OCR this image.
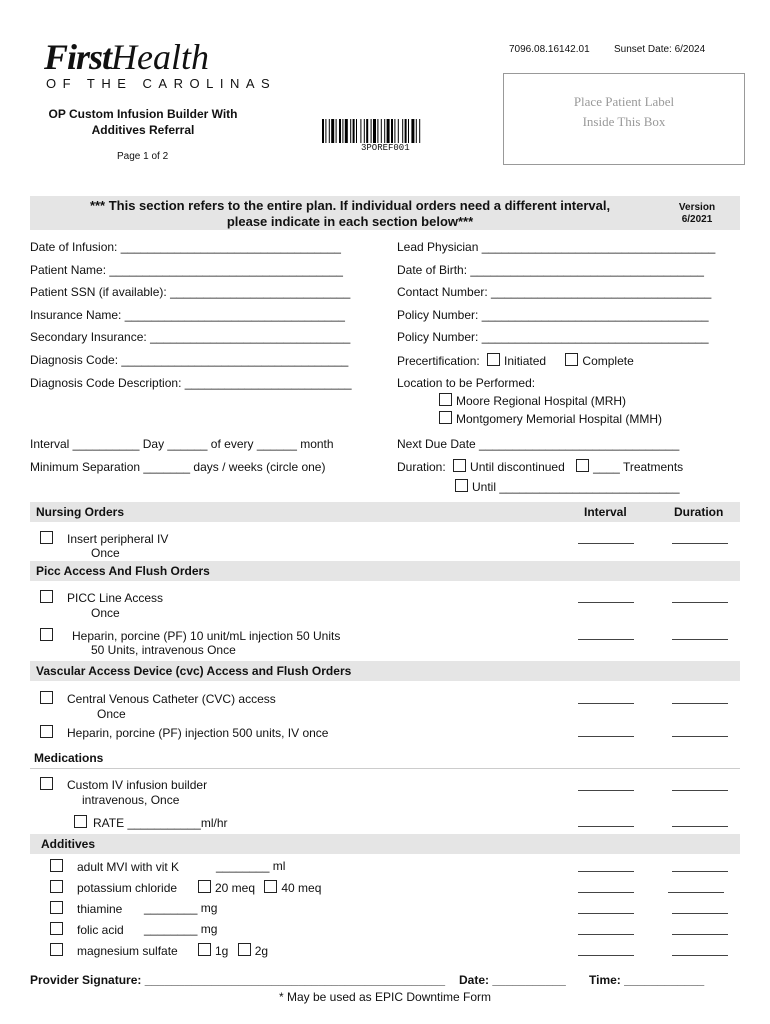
FirstHealth
OF THE CAROLINAS
7096.08.16142.01 Sunset Date: 6/2024
OP Custom Infusion Builder With
Additives Referral
Page 1 of 2
3POREF001
Place Patient Label
Inside This Box
*** This section refers to the entire plan. If individual orders need a different interval,
please indicate in each section below***
Version
6/2021
Date of Infusion: _________________________________
Patient Name: ___________________________________
Patient SSN (if available): ___________________________
Insurance Name: _________________________________
Secondary Insurance: ______________________________
Diagnosis Code: __________________________________
Diagnosis Code Description: _________________________
Lead Physician ___________________________________
Date of Birth: ___________________________________
Contact Number: _________________________________
Policy Number: __________________________________
Policy Number: __________________________________
Precertification: Initiated	Complete
Location to be Performed:
Moore Regional Hospital (MRH)
Montgomery Memorial Hospital (MMH)
Interval __________ Day ______ of every ______ month
Minimum Separation _______ days / weeks (circle one)
Next Due Date ______________________________
Duration: Until discontinued ____ Treatments
Until ___________________________
Nursing Orders	Interval	Duration
Insert peripheral IV
Once
Picc Access And Flush Orders
PICC Line Access
Once
Heparin, porcine (PF) 10 unit/mL injection 50 Units
50 Units, intravenous Once
Vascular Access Device (cvc) Access and Flush Orders
Central Venous Catheter (CVC) access
Once
Heparin, porcine (PF) injection 500 units, IV once
Medications
Custom IV infusion builder
intravenous, Once
RATE ___________ml/hr
Additives
adult MVI with vit K	________ ml
potassium chloride	20 meq 40 meq
thiamine ________ mg
folic acid ________ mg
magnesium sulfate	1g 2g
Provider Signature: _____________________________________________ Date: ___________ Time: ____________
* May be used as EPIC Downtime Form
